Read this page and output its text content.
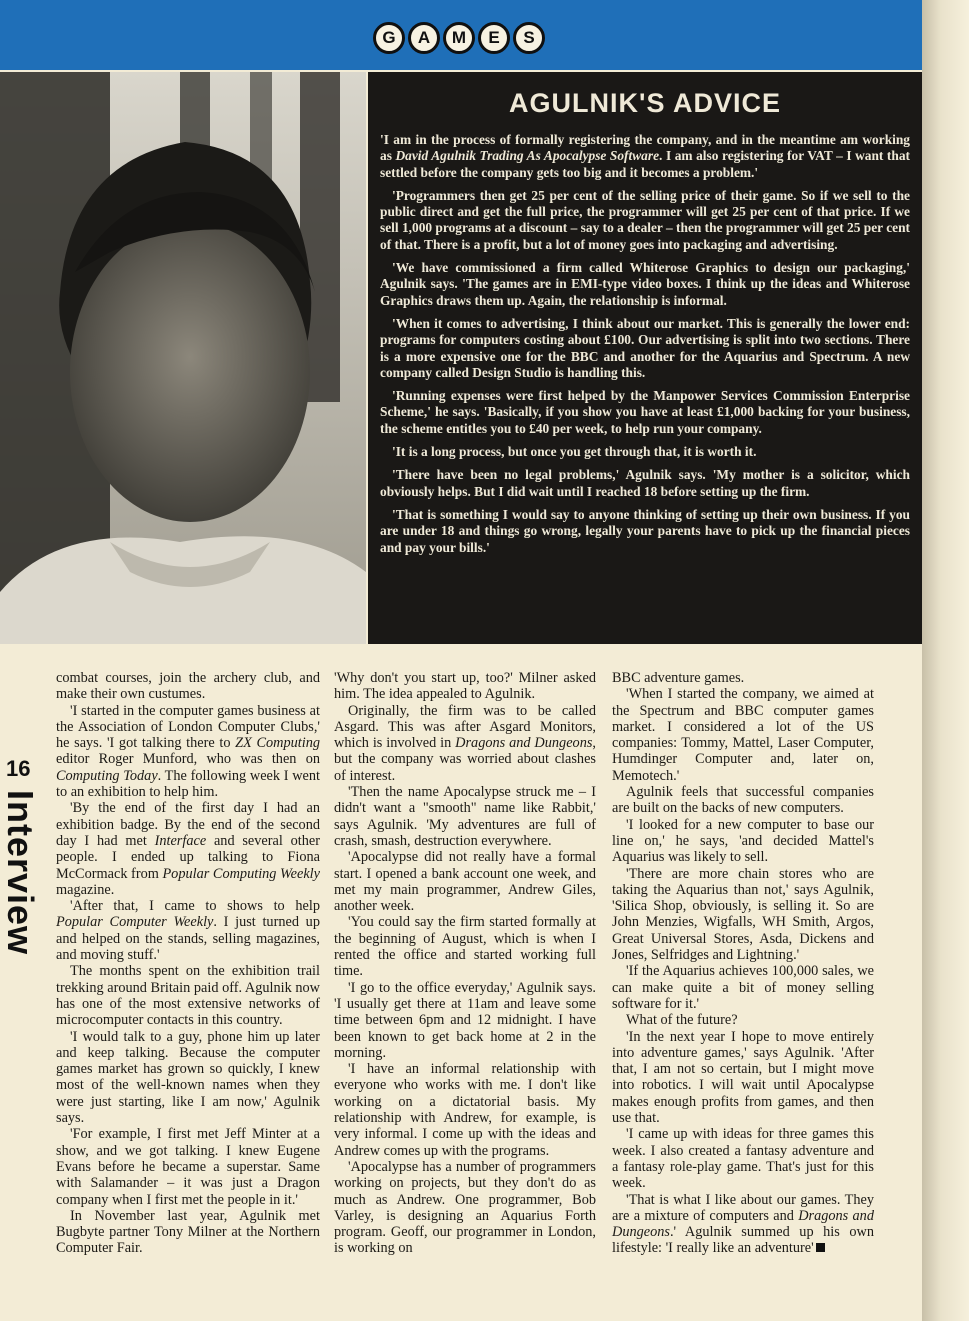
G	A	M	E	S
AGULNIK'S ADVICE

'I am in the process of formally registering the company, and in the meantime am working as David Agulnik Trading As Apocalypse Software. I am also registering for VAT – I want that settled before the company gets too big and it becomes a problem.'

'Programmers then get 25 per cent of the selling price of their game. So if we sell to the public direct and get the full price, the programmer will get 25 per cent of that price. If we sell 1,000 programs at a discount – say to a dealer – then the programmer will get 25 per cent of that. There is a profit, but a lot of money goes into packaging and advertising.

'We have commissioned a firm called Whiterose Graphics to design our packaging,' Agulnik says. 'The games are in EMI-type video boxes. I think up the ideas and Whiterose Graphics draws them up. Again, the relationship is informal.

'When it comes to advertising, I think about our market. This is generally the lower end: programs for computers costing about £100. Our advertising is split into two sections. There is a more expensive one for the BBC and another for the Aquarius and Spectrum. A new company called Design Studio is handling this.

'Running expenses were first helped by the Manpower Services Commission Enterprise Scheme,' he says. 'Basically, if you show you have at least £1,000 backing for your business, the scheme entitles you to £40 per week, to help run your company.

'It is a long process, but once you get through that, it is worth it.

'There have been no legal problems,' Agulnik says. 'My mother is a solicitor, which obviously helps. But I did wait until I reached 18 before setting up the firm.

'That is something I would say to anyone thinking of setting up their own business. If you are under 18 and things go wrong, legally your parents have to pick up the financial pieces and pay your bills.'

16
Interview

combat courses, join the archery club, and make their own custumes.

'I started in the computer games business at the Association of London Computer Clubs,' he says. 'I got talking there to ZX Computing editor Roger Munford, who was then on Computing Today. The following week I went to an exhibition to help him.

'By the end of the first day I had an exhibition badge. By the end of the second day I had met Interface and several other people. I ended up talking to Fiona McCormack from Popular Computing Weekly magazine.

'After that, I came to shows to help Popular Computer Weekly. I just turned up and helped on the stands, selling magazines, and moving stuff.'

The months spent on the exhibition trail trekking around Britain paid off. Agulnik now has one of the most extensive networks of microcomputer contacts in this country.

'I would talk to a guy, phone him up later and keep talking. Because the computer games market has grown so quickly, I knew most of the well-known names when they were just starting, like I am now,' Agulnik says.

'For example, I first met Jeff Minter at a show, and we got talking. I knew Eugene Evans before he became a superstar. Same with Salamander – it was just a Dragon company when I first met the people in it.'

In November last year, Agulnik met Bugbyte partner Tony Milner at the Northern Computer Fair.

'Why don't you start up, too?' Milner asked him. The idea appealed to Agulnik.

Originally, the firm was to be called Asgard. This was after Asgard Monitors, which is involved in Dragons and Dungeons, but the company was worried about clashes of interest.

'Then the name Apocalypse struck me – I didn't want a "smooth" name like Rabbit,' says Agulnik. 'My adventures are full of crash, smash, destruction everywhere.

'Apocalypse did not really have a formal start. I opened a bank account one week, and met my main programmer, Andrew Giles, another week.

'You could say the firm started formally at the beginning of August, which is when I rented the office and started working full time.

'I go to the office everyday,' Agulnik says. 'I usually get there at 11am and leave some time between 6pm and 12 midnight. I have been known to get back home at 2 in the morning.

'I have an informal relationship with everyone who works with me. I don't like working on a dictatorial basis. My relationship with Andrew, for example, is very informal. I come up with the ideas and Andrew comes up with the programs.

'Apocalypse has a number of programmers working on projects, but they don't do as much as Andrew. One programmer, Bob Varley, is designing an Aquarius Forth program. Geoff, our programmer in London, is working on

BBC adventure games.

'When I started the company, we aimed at the Spectrum and BBC computer games market. I considered a lot of the US companies: Tommy, Mattel, Laser Computer, Humdinger Computer and, later on, Memotech.'

Agulnik feels that successful companies are built on the backs of new computers.

'I looked for a new computer to base our line on,' he says, 'and decided Mattel's Aquarius was likely to sell.

'There are more chain stores who are taking the Aquarius than not,' says Agulnik, 'Silica Shop, obviously, is selling it. So are John Menzies, Wigfalls, WH Smith, Argos, Great Universal Stores, Asda, Dickens and Jones, Selfridges and Lightning.'

'If the Aquarius achieves 100,000 sales, we can make quite a bit of money selling software for it.'

What of the future?

'In the next year I hope to move entirely into adventure games,' says Agulnik. 'After that, I am not so certain, but I might move into robotics. I will wait until Apocalypse makes enough profits from games, and then use that.

'I came up with ideas for three games this week. I also created a fantasy adventure and a fantasy role-play game. That's just for this week.

'That is what I like about our games. They are a mixture of computers and Dragons and Dungeons.' Agulnik summed up his own lifestyle: 'I really like an adventure'
